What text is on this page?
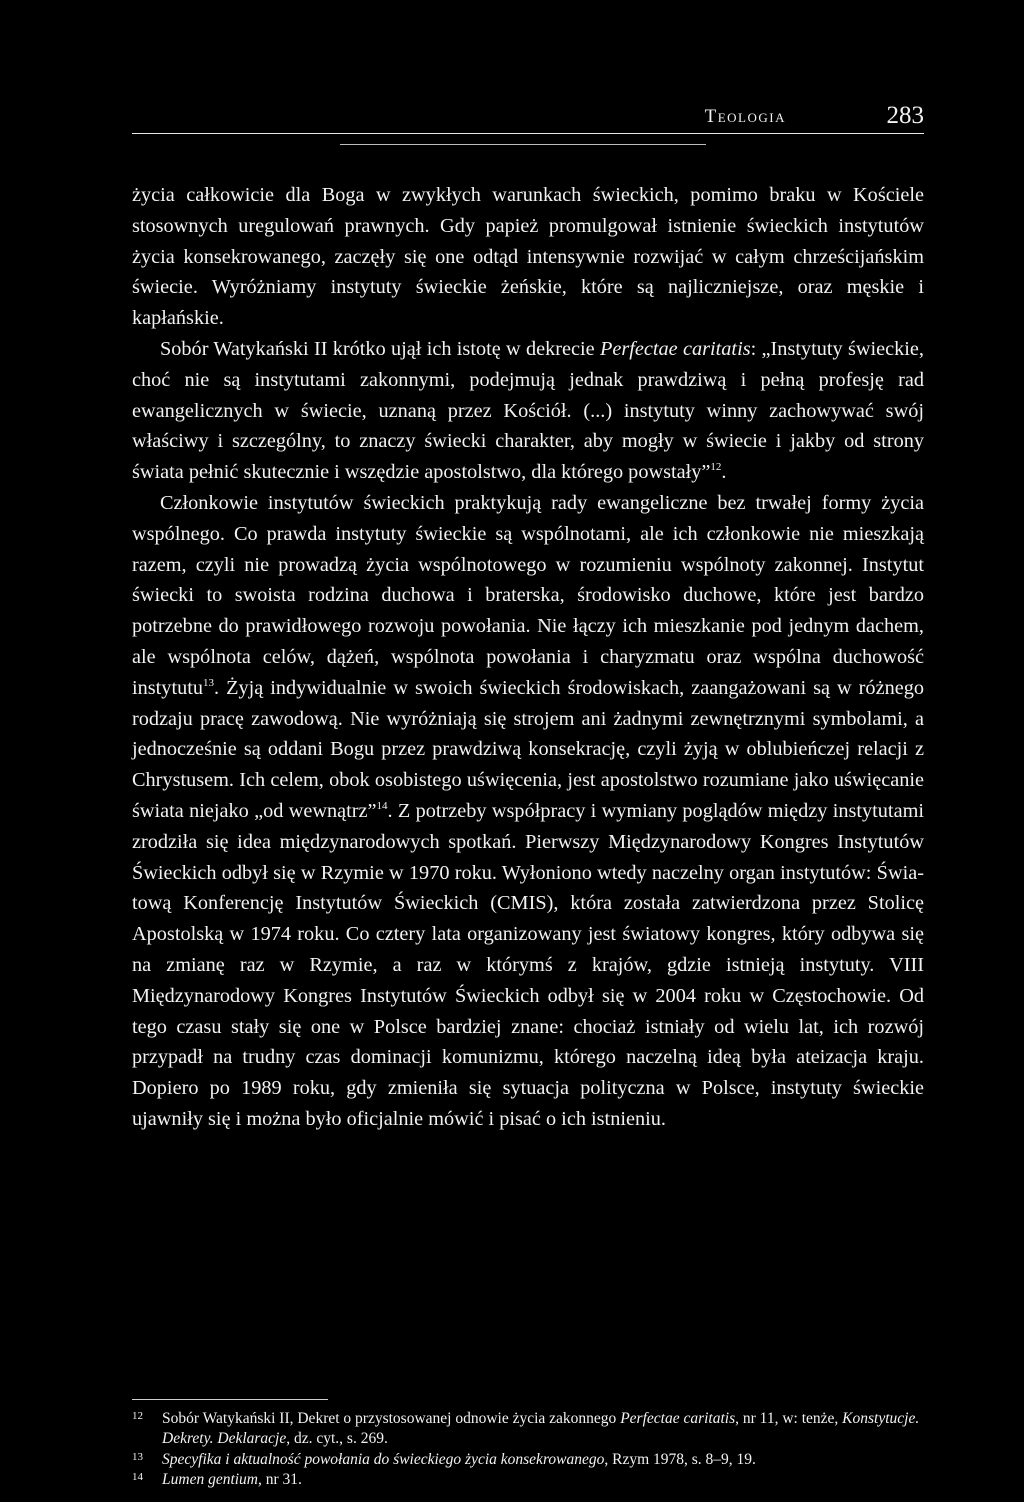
Teologia	283

życia całkowicie dla Boga w zwykłych warunkach świeckich, pomimo braku w Kościele stosownych uregulowań prawnych. Gdy papież promulgował istnienie świeckich instytutów życia konsekrowanego, zaczęły się one odtąd intensywnie rozwijać w całym chrześcijańskim świecie. Wyróżniamy instytuty świeckie żeńskie, które są najliczniejsze, oraz męskie i kapłańskie.

Sobór Watykański II krótko ujął ich istotę w dekrecie Perfectae caritatis: „Instytuty świeckie, choć nie są instytutami zakonnymi, podejmują jednak prawdziwą i pełną profesję rad ewangelicznych w świecie, uznaną przez Kościół. (...) instytuty winny zachowywać swój właściwy i szczególny, to znaczy świecki charakter, aby mogły w świecie i jakby od strony świata pełnić skutecznie i wszędzie apostolstwo, dla którego powstały”$^{12}$.

Członkowie instytutów świeckich praktykują rady ewangeliczne bez trwałej formy życia wspólnego. Co prawda instytuty świeckie są wspólnotami, ale ich członkowie nie mieszkają razem, czyli nie prowadzą życia wspólnotowego w rozumieniu wspólnoty zakonnej. Instytut świecki to swoista rodzina duchowa i braterska, środowisko duchowe, które jest bardzo potrzebne do prawidłowego rozwoju powołania. Nie łączy ich mieszkanie pod jednym dachem, ale wspólnota celów, dążeń, wspólnota powołania i charyzmatu oraz wspólna duchowość instytutu$^{13}$. Żyją indywidualnie w swoich świeckich środowiskach, zaangażowani są w różnego rodzaju pracę zawodową. Nie wyróżniają się strojem ani żadnymi zewnętrznymi symbolami, a jednocześnie są oddani Bogu przez prawdziwą konsekrację, czyli żyją w oblubieńczej relacji z Chrystusem. Ich celem, obok osobistego uświęcenia, jest apostolstwo rozumiane jako uświęcanie świata niejako „od wewnątrz”$^{14}$. Z potrzeby współpracy i wymiany poglądów między instytutami zrodziła się idea międzynarodowych spotkań. Pierwszy Międzynarodowy Kongres Instytutów Świeckich odbył się w Rzymie w 1970 roku. Wyłoniono wtedy naczelny organ instytutów: Światową Konferencję Instytutów Świeckich (CMIS), która została zatwierdzona przez Stolicę Apostolską w 1974 roku. Co cztery lata organizowany jest światowy kongres, który odbywa się na zmianę raz w Rzymie, a raz w którymś z krajów, gdzie istnieją instytuty. VIII Międzynarodowy Kongres Instytutów Świeckich odbył się w 2004 roku w Częstochowie. Od tego czasu stały się one w Polsce bardziej znane: chociaż istniały od wielu lat, ich rozwój przypadł na trudny czas dominacji komunizmu, którego naczelną ideą była ateizacja kraju. Dopiero po 1989 roku, gdy zmieniła się sytuacja polityczna w Polsce, instytuty świeckie ujawniły się i można było oficjalnie mówić i pisać o ich istnieniu.

12 Sobór Watykański II, Dekret o przystosowanej odnowie życia zakonnego Perfectae caritatis, nr 11, w: tenże, Konstytucje. Dekrety. Deklaracje, dz. cyt., s. 269.
13 Specyfika i aktualność powołania do świeckiego życia konsekrowanego, Rzym 1978, s. 8–9, 19.
14 Lumen gentium, nr 31.
